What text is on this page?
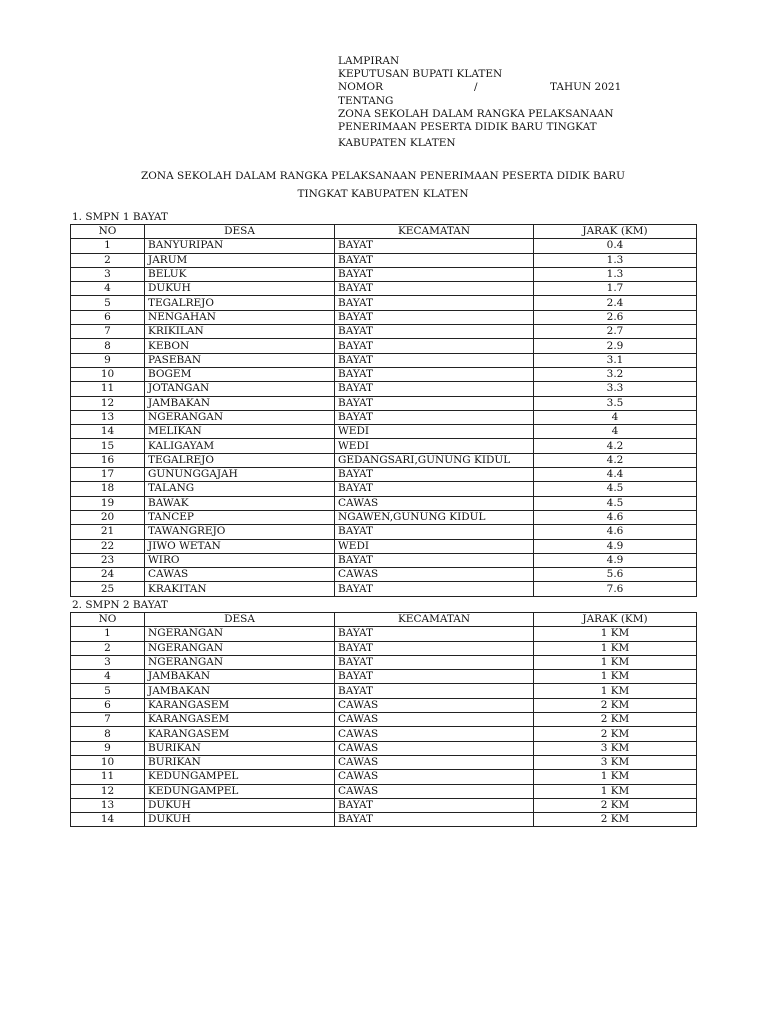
LAMPIRAN
KEPUTUSAN BUPATI KLATEN
NOMOR	/	TAHUN 2021
TENTANG
ZONA SEKOLAH DALAM RANGKA PELAKSANAAN
PENERIMAAN PESERTA DIDIK BARU TINGKAT
KABUPATEN KLATEN
ZONA SEKOLAH DALAM RANGKA PELAKSANAAN PENERIMAAN PESERTA DIDIK BARU
TINGKAT KABUPATEN KLATEN
1. SMPN 1 BAYAT
NO	DESA	KECAMATAN	JARAK (KM)
1	BANYURIPAN	BAYAT	0.4
2	JARUM	BAYAT	1.3
3	BELUK	BAYAT	1.3
4	DUKUH	BAYAT	1.7
5	TEGALREJO	BAYAT	2.4
6	NENGAHAN	BAYAT	2.6
7	KRIKILAN	BAYAT	2.7
8	KEBON	BAYAT	2.9
9	PASEBAN	BAYAT	3.1
10	BOGEM	BAYAT	3.2
11	JOTANGAN	BAYAT	3.3
12	JAMBAKAN	BAYAT	3.5
13	NGERANGAN	BAYAT	4
14	MELIKAN	WEDI	4
15	KALIGAYAM	WEDI	4.2
16	TEGALREJO	GEDANGSARI,GUNUNG KIDUL	4.2
17	GUNUNGGAJAH	BAYAT	4.4
18	TALANG	BAYAT	4.5
19	BAWAK	CAWAS	4.5
20	TANCEP	NGAWEN,GUNUNG KIDUL	4.6
21	TAWANGREJO	BAYAT	4.6
22	JIWO WETAN	WEDI	4.9
23	WIRO	BAYAT	4.9
24	CAWAS	CAWAS	5.6
25	KRAKITAN	BAYAT	7.6
2. SMPN 2 BAYAT
NO	DESA	KECAMATAN	JARAK (KM)
1	NGERANGAN	BAYAT	1 KM
2	NGERANGAN	BAYAT	1 KM
3	NGERANGAN	BAYAT	1 KM
4	JAMBAKAN	BAYAT	1 KM
5	JAMBAKAN	BAYAT	1 KM
6	KARANGASEM	CAWAS	2 KM
7	KARANGASEM	CAWAS	2 KM
8	KARANGASEM	CAWAS	2 KM
9	BURIKAN	CAWAS	3 KM
10	BURIKAN	CAWAS	3 KM
11	KEDUNGAMPEL	CAWAS	1 KM
12	KEDUNGAMPEL	CAWAS	1 KM
13	DUKUH	BAYAT	2 KM
14	DUKUH	BAYAT	2 KM
